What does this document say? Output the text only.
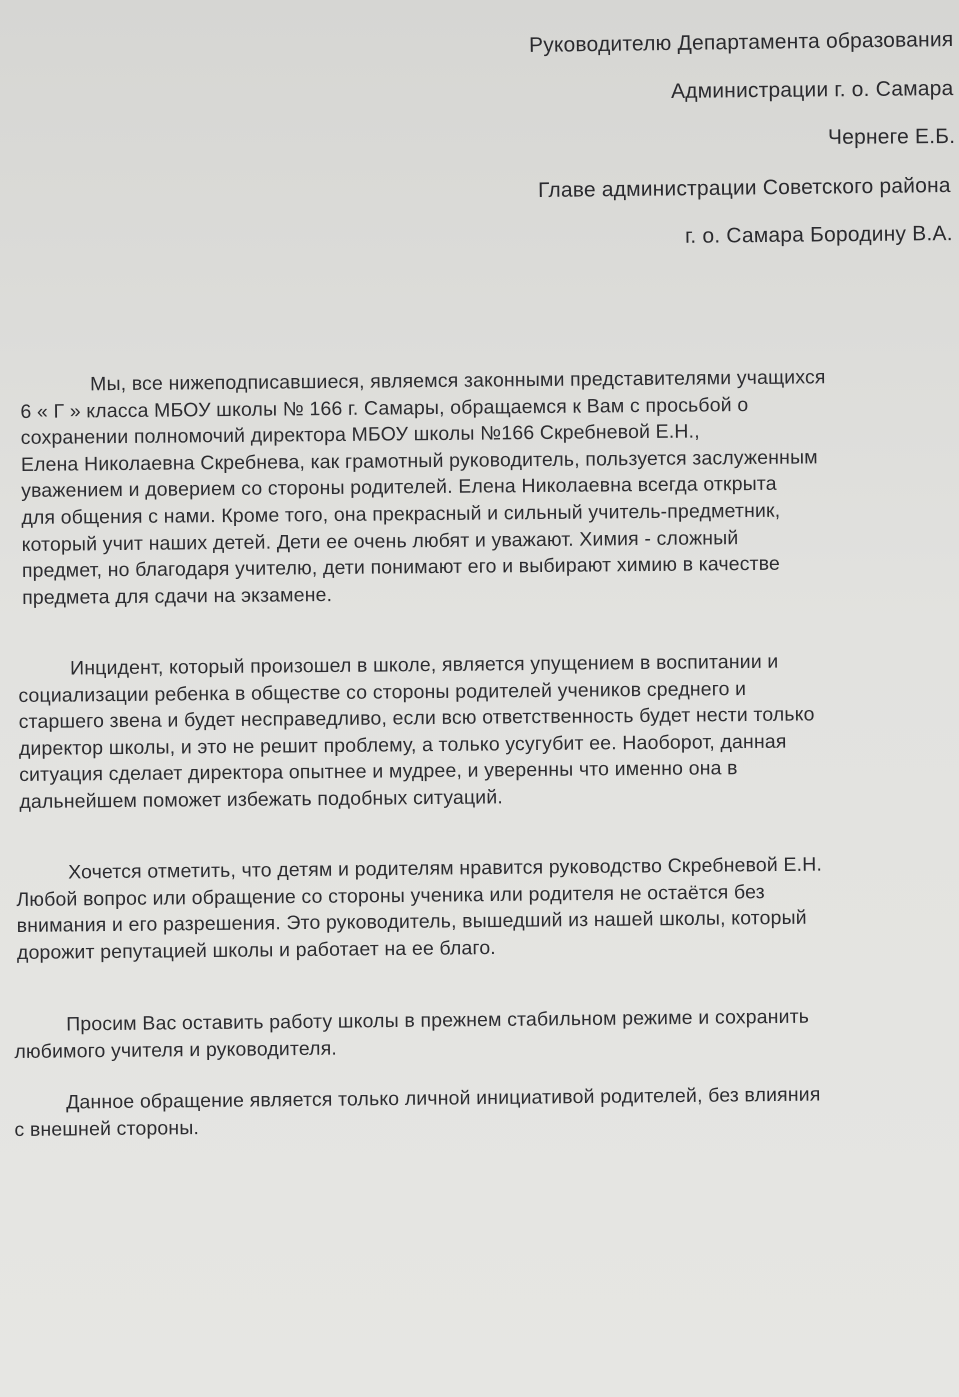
Руководителю Департамента образования
Администрации г. о. Самара
Чернеге Е.Б.
Главе администрации Советского района
г. о. Самара Бородину В.А.
Мы, все нижеподписавшиеся, являемся законными представителями учащихся
6 « Г » класса МБОУ школы № 166 г. Самары, обращаемся к Вам с просьбой о
сохранении полномочий директора МБОУ школы №166 Скребневой Е.Н.,
Елена Николаевна Скребнева, как грамотный руководитель, пользуется заслуженным
уважением и доверием со стороны родителей. Елена Николаевна всегда открыта
для общения с нами. Кроме того, она прекрасный и сильный учитель-предметник,
который учит наших детей. Дети ее очень любят и уважают. Химия - сложный
предмет, но благодаря учителю, дети понимают его и выбирают химию в качестве
предмета для сдачи на экзамене.
Инцидент, который произошел в школе, является упущением в воспитании и
социализации ребенка в обществе со стороны родителей учеников среднего и
старшего звена и будет несправедливо, если всю ответственность будет нести только
директор школы, и это не решит проблему, а только усугубит ее. Наоборот, данная
ситуация сделает директора опытнее и мудрее, и уверенны что именно она в
дальнейшем поможет избежать подобных ситуаций.
Хочется отметить, что детям и родителям нравится руководство Скребневой Е.Н.
Любой вопрос или обращение со стороны ученика или родителя не остаётся без
внимания и его разрешения. Это руководитель, вышедший из нашей школы, который
дорожит репутацией школы и работает на ее благо.
Просим Вас оставить работу школы в прежнем стабильном режиме и сохранить
любимого учителя и руководителя.
Данное обращение является только личной инициативой родителей, без влияния
с внешней стороны.
